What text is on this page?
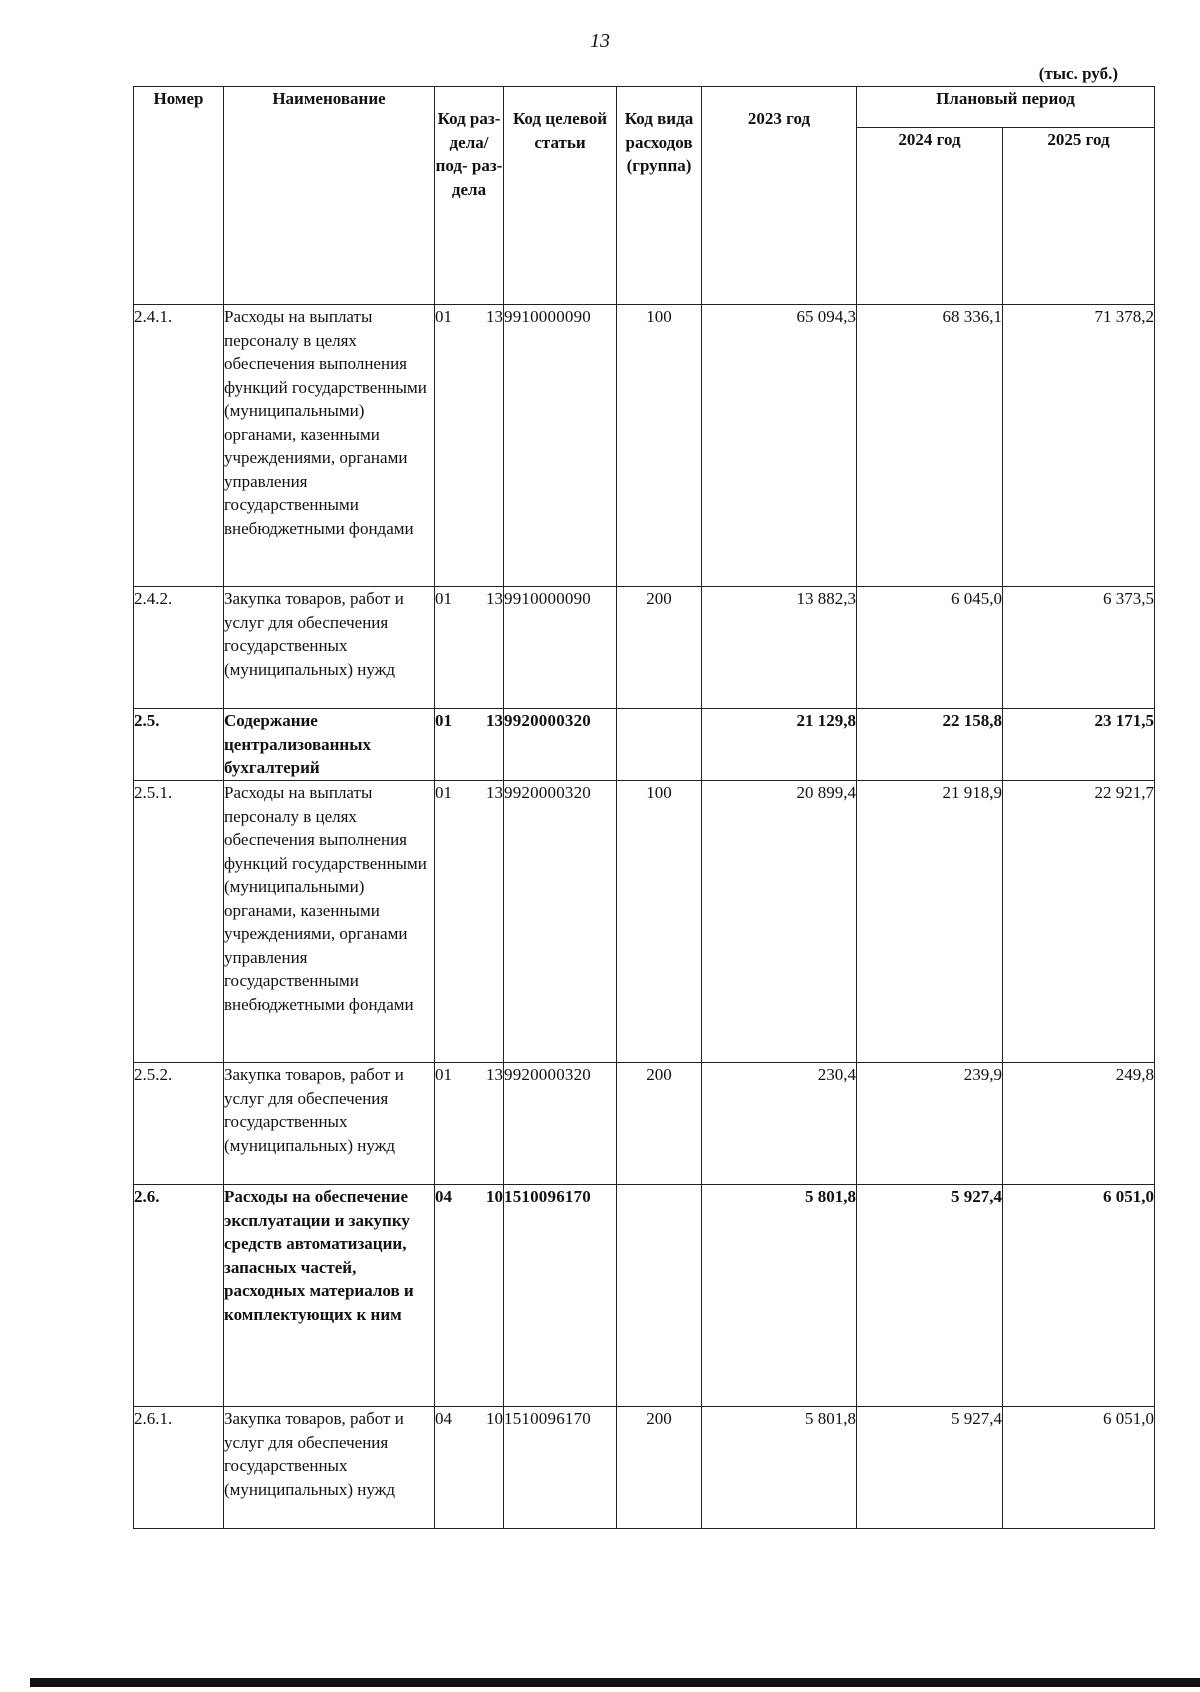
13
(тыс. руб.)
Номер	Наименование	Код раз- дела/ под- раз- дела	Код целевой статьи	Код вида расходов (группа)	2023 год	Плановый период	
						2024 год	2025 год
2.4.1.	Расходы на выплаты персоналу в целях обеспечения выполнения функций государственными (муниципальными) органами, казенными учреждениями, органами управления государственными внебюджетными фондами	01 13	9910000090	100	65 094,3	68 336,1	71 378,2
2.4.2.	Закупка товаров, работ и услуг для обеспечения государственных (муниципальных) нужд	01 13	9910000090	200	13 882,3	6 045,0	6 373,5
2.5.	Содержание централизованных бухгалтерий	01 13	9920000320		21 129,8	22 158,8	23 171,5
2.5.1.	Расходы на выплаты персоналу в целях обеспечения выполнения функций государственными (муниципальными) органами, казенными учреждениями, органами управления государственными внебюджетными фондами	01 13	9920000320	100	20 899,4	21 918,9	22 921,7
2.5.2.	Закупка товаров, работ и услуг для обеспечения государственных (муниципальных) нужд	01 13	9920000320	200	230,4	239,9	249,8
2.6.	Расходы на обеспечение эксплуатации и закупку средств автоматизации, запасных частей, расходных материалов и комплектующих к ним	04 10	1510096170		5 801,8	5 927,4	6 051,0
2.6.1.	Закупка товаров, работ и услуг для обеспечения государственных (муниципальных) нужд	04 10	1510096170	200	5 801,8	5 927,4	6 051,0
